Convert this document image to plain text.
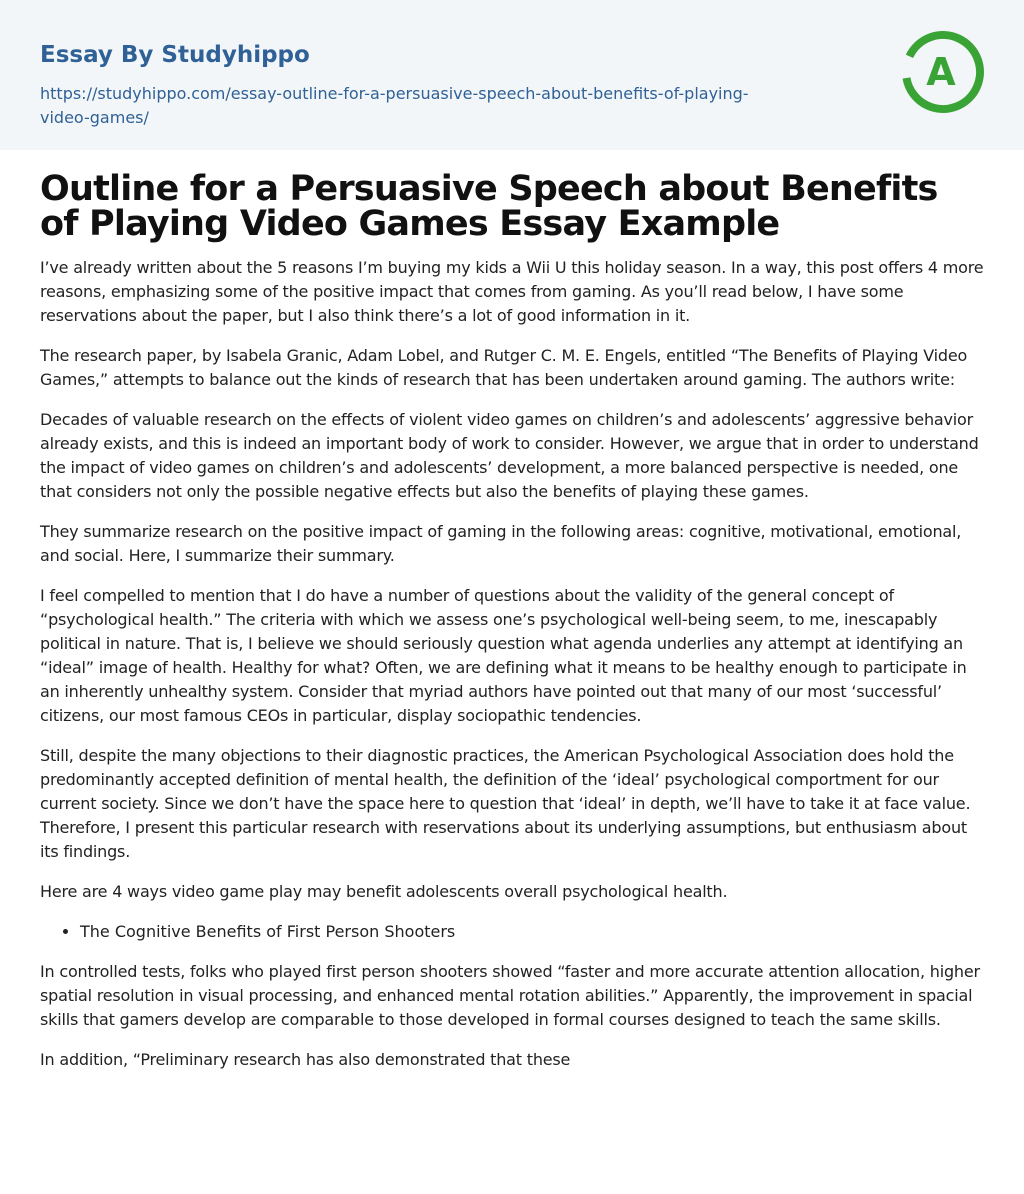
Essay By Studyhippo
https://studyhippo.com/essay-outline-for-a-persuasive-speech-about-benefits-of-playing-video-games/
A
Outline for a Persuasive Speech about Benefits of Playing Video Games Essay Example

I’ve already written about the 5 reasons I’m buying my kids a Wii U this holiday season. In a way, this post offers 4 more reasons, emphasizing some of the positive impact that comes from gaming. As you’ll read below, I have some reservations about the paper, but I also think there’s a lot of good information in it.

The research paper, by Isabela Granic, Adam Lobel, and Rutger C. M. E. Engels, entitled “The Benefits of Playing Video Games,” attempts to balance out the kinds of research that has been undertaken around gaming. The authors write:

Decades of valuable research on the effects of violent video games on children’s and adolescents’ aggressive behavior already exists, and this is indeed an important body of work to consider. However, we argue that in order to understand the impact of video games on children’s and adolescents’ development, a more balanced perspective is needed, one that considers not only the possible negative effects but also the benefits of playing these games.

They summarize research on the positive impact of gaming in the following areas: cognitive, motivational, emotional, and social. Here, I summarize their summary.

I feel compelled to mention that I do have a number of questions about the validity of the general concept of “psychological health.” The criteria with which we assess one’s psychological well-being seem, to me, inescapably political in nature. That is, I believe we should seriously question what agenda underlies any attempt at identifying an “ideal” image of health. Healthy for what? Often, we are defining what it means to be healthy enough to participate in an inherently unhealthy system. Consider that myriad authors have pointed out that many of our most ‘successful’ citizens, our most famous CEOs in particular, display sociopathic tendencies.

Still, despite the many objections to their diagnostic practices, the American Psychological Association does hold the predominantly accepted definition of mental health, the definition of the ‘ideal’ psychological comportment for our current society. Since we don’t have the space here to question that ‘ideal’ in depth, we’ll have to take it at face value. Therefore, I present this particular research with reservations about its underlying assumptions, but enthusiasm about its findings.

Here are 4 ways video game play may benefit adolescents overall psychological health.

• The Cognitive Benefits of First Person Shooters

In controlled tests, folks who played first person shooters showed “faster and more accurate attention allocation, higher spatial resolution in visual processing, and enhanced mental rotation abilities.” Apparently, the improvement in spacial skills that gamers develop are comparable to those developed in formal courses designed to teach the same skills.

In addition, “Preliminary research has also demonstrated that these
